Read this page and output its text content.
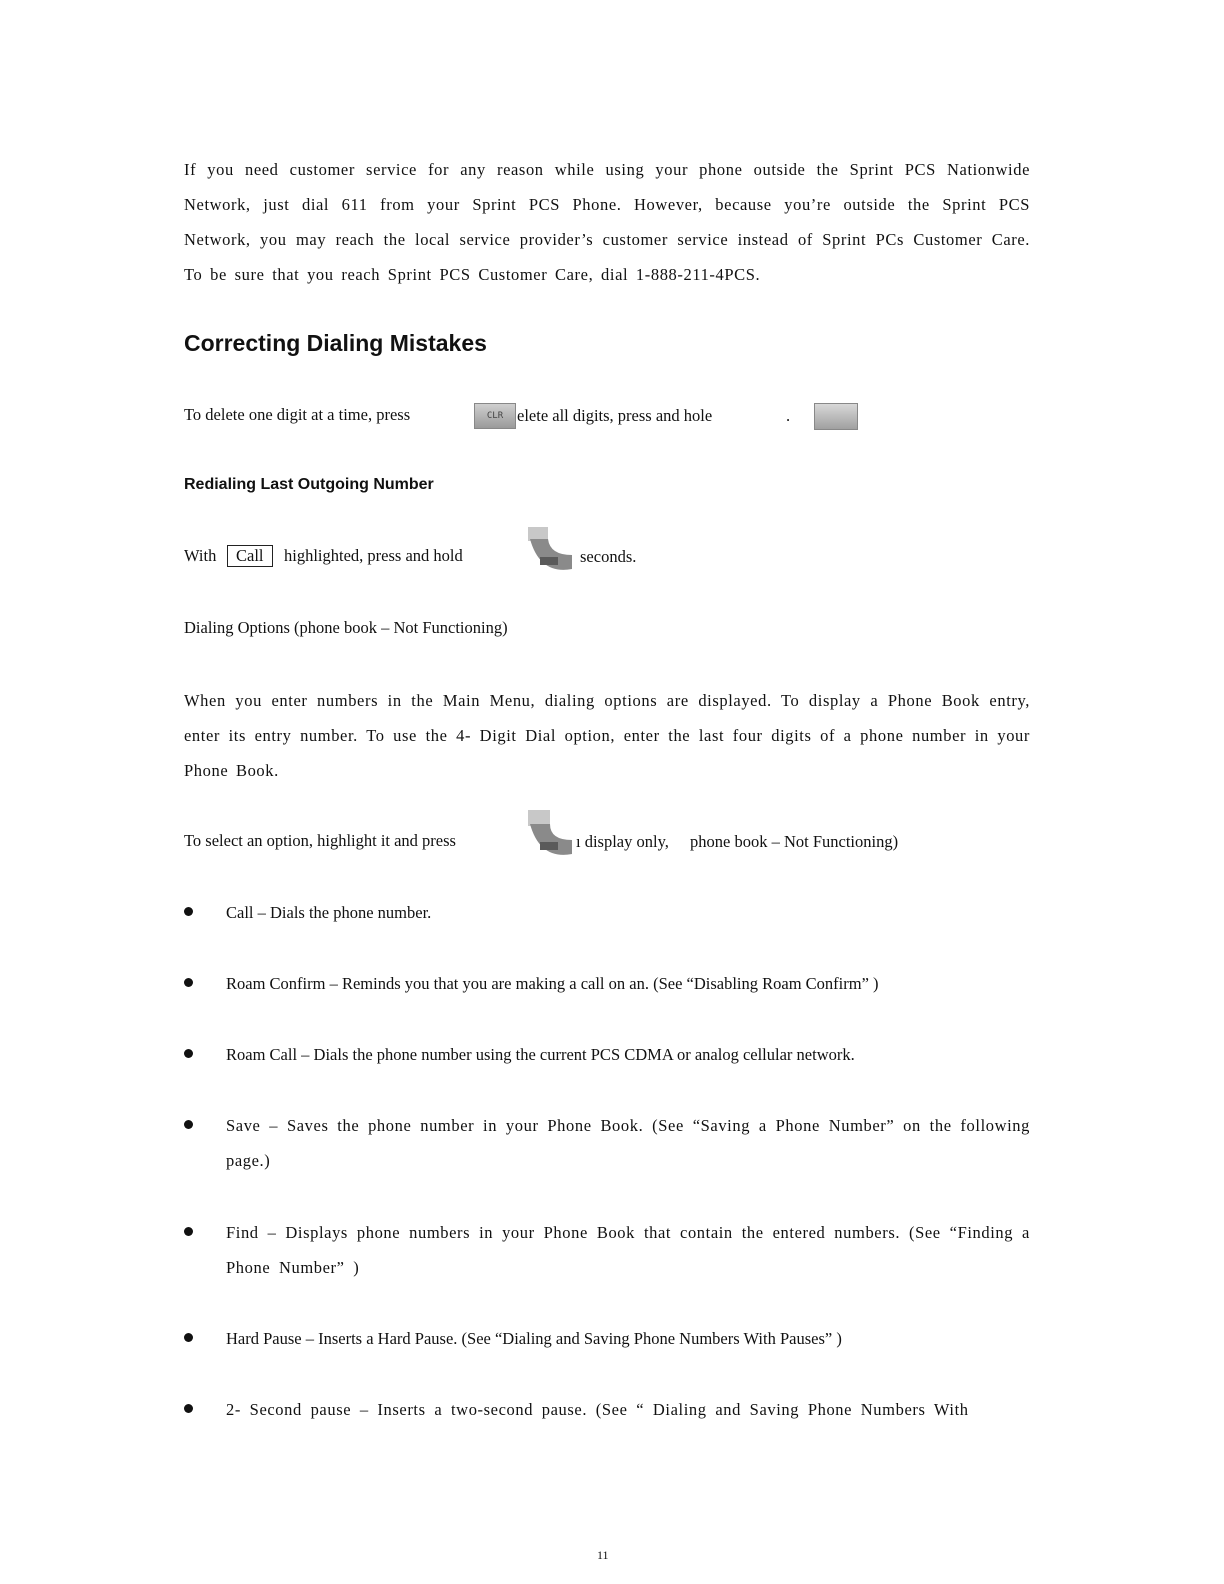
If you need customer service for any reason while using your phone outside the Sprint PCS Nationwide Network, just dial 611 from your Sprint PCS Phone. However, because you’re outside the Sprint PCS Network, you may reach the local service provider’s customer service instead of Sprint PCs Customer Care. To be sure that you reach Sprint PCS Customer Care, dial 1-888-211-4PCS.
Correcting Dialing Mistakes
To delete one digit at a time, press	CLR elete all digits, press and hole	.
Redialing Last Outgoing Number
With	Call	highlighted, press and hold	seconds.
Dialing Options (phone book – Not Functioning)
When you enter numbers in the Main Menu, dialing options are displayed. To display a Phone Book entry, enter its entry number. To use the 4- Digit Dial option, enter the last four digits of a phone number in your Phone Book.
To select an option, highlight it and press	ı display only, phone book – Not Functioning)
Call – Dials the phone number.
Roam Confirm – Reminds you that you are making a call on an. (See “Disabling Roam Confirm” )
Roam Call – Dials the phone number using the current PCS CDMA or analog cellular network.
Save – Saves the phone number in your Phone Book. (See “Saving a Phone Number” on the following page.)
Find – Displays phone numbers in your Phone Book that contain the entered numbers. (See “Finding a Phone Number” )
Hard Pause – Inserts a Hard Pause. (See “Dialing and Saving Phone Numbers With Pauses” )
2- Second pause – Inserts a two-second pause. (See “ Dialing and Saving Phone Numbers With
11
